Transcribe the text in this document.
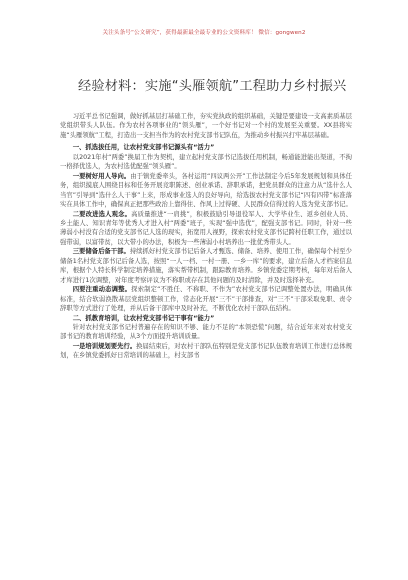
关注头条号“公文研究”，获得最新最全最专业的公文资料库！ 微信：gongwen2
经验材料：实施“头雁领航”工程助力乡村振兴

习近平总书记强调，做好抓基层打基础工作，夯实党执政的组织基础，关键是要建设一支高素质基层党组织带头人队伍。作为农村各项事业的“领头雁”，一个好书记对一个村的发展至关重要。XX县将实施“头雁领航”工程，打造出一支担当作为的农村党支部书记队伍，为推动乡村振兴打牢基层基础。

一、抓选拔任用，让农村党支部书记源头有“活力”

以2021年村“两委”换届工作为契机，建立起村党支部书记选拔任用机制，畅通能进能出渠道，不拘一格择优选人，为农村选优配强“领头雁”。

一要树好用人导向。由于镇党委牵头，各村运用“四议两公开”工作法制定今后5年发展规划和具体任务，组织摸底人围绕目标和任务开展竞职陈述、创业承诺、辞职承诺，把党员群众的注意力从“选什么人当官”引导到“选什么人干事”上来，形成事业选人的良好导向，给选拔农村党支部书记“四有四带”标准落实在具体工作中，确保真正把那些政治上靠得住、作风上过得硬、人民群众信得过的人选为党支部书记。

二要改进选人观念。高质量推进“一肩挑”，积极鼓励引导退役军人、大学毕业生、返乡创业人员、乡土能人、知识青年等优秀人才进入村“两委”班子，实现“强中选优”，配强支部书记。同时，针对一些薄弱小村没有合适的党支部书记人选的现实，拓宽用人视野，探索农村党支部书记跨村任职工作，通过以强带弱，以富带贫，以大带小的办法，积极为一些薄弱小村培养出一批优秀带头人。

三要储备后备干部。持续抓好村党支部书记后备人才甄选、储备、培养、使用工作，确保每个村至少储备1名村党支部书记后备人选，按照“一人一档、一村一册、一乡一库”的要求，建立后备人才档案信息库，根据个人特长科学制定培养措施，落实帮带机制，跟踪教育培养。乡镇党委定期考核，每年对后备人才库进行1次调整，对年度考察评议为不称职或存在其他问题的及时清除，并及时选择补充。

四要注重动态调整。探索制定“不胜任、不称职、不作为”农村党支部书记调整处置办法，明确具体标准，结合软弱涣散基层党组织整顿工作，常态化开展“三不”干部排查，对“三不”干部采取免职、责令辞职等方式进行了处理，并从后备干部库中及时补充，不断优化农村干部队伍结构。

二、抓教育培训，让农村党支部书记干事有“能力”

针对农村党支部书记村普遍存在的知识不够、能力不足的“本领恐慌”问题，结合近年来对农村党支部书记的教育培训经验，从3个方面提升培训质量。

一是培训规划要先行。换届结束后，对农村干部队伍特别是党支部书记队伍教育培训工作进行总体规划，在乡镇党委抓好日常培训的基础上，村支部书
